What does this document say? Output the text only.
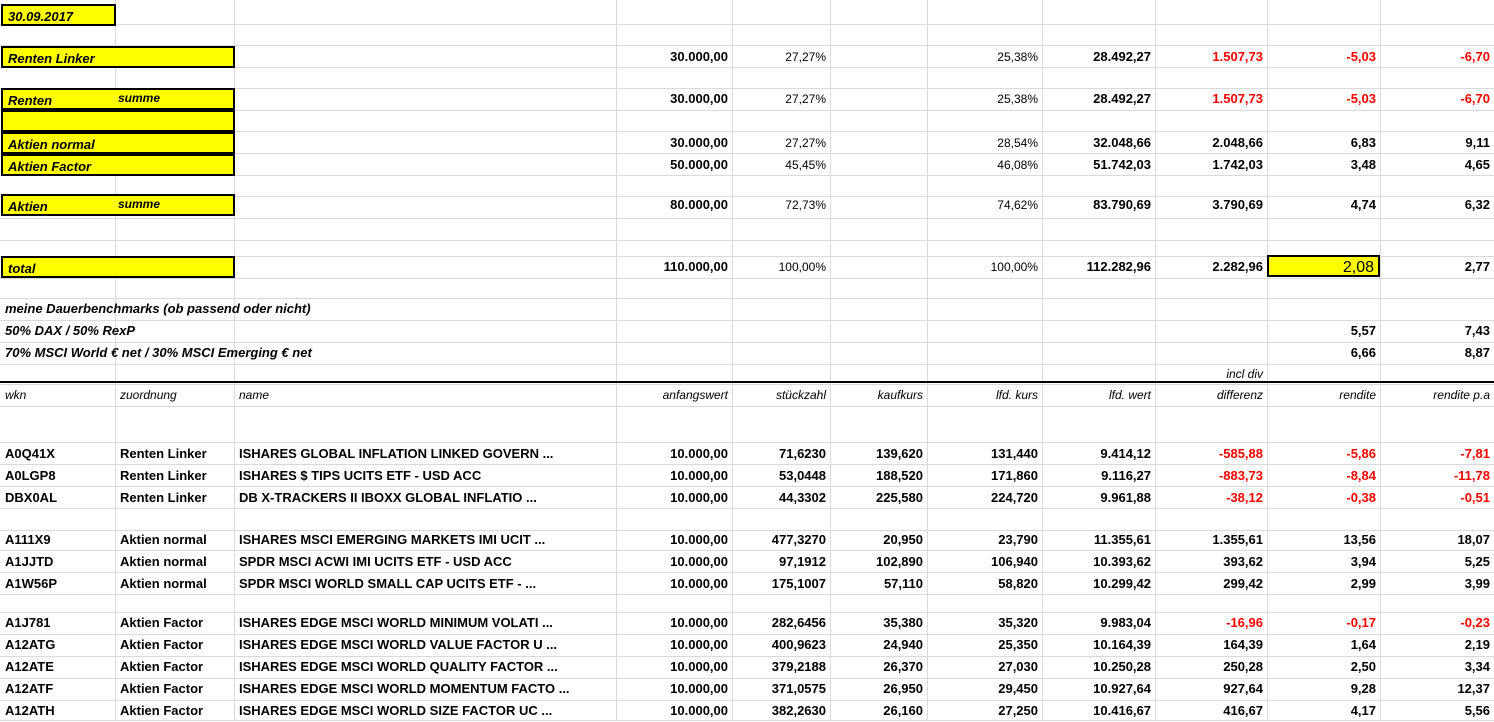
30.09.2017
Renten Linker	30.000,00	27,27%	25,38%	28.492,27	1.507,73	-5,03	-6,70
Renten	summe	30.000,00	27,27%	25,38%	28.492,27	1.507,73	-5,03	-6,70
Aktien normal	30.000,00	27,27%	28,54%	32.048,66	2.048,66	6,83	9,11
Aktien Factor	50.000,00	45,45%	46,08%	51.742,03	1.742,03	3,48	4,65
Aktien	summe	80.000,00	72,73%	74,62%	83.790,69	3.790,69	4,74	6,32
total	110.000,00	100,00%	100,00%	112.282,96	2.282,96	2,08	2,77
meine Dauerbenchmarks (ob passend oder nicht)
50% DAX / 50% RexP	5,57	7,43
70% MSCI World € net / 30% MSCI Emerging € net	6,66	8,87
incl div
wkn	zuordnung	name	anfangswert	stückzahl	kaufkurs	lfd. kurs	lfd. wert	differenz	rendite	rendite p.a
A0Q41X	Renten Linker	ISHARES GLOBAL INFLATION LINKED GOVERN ...	10.000,00	71,6230	139,620	131,440	9.414,12	-585,88	-5,86	-7,81
A0LGP8	Renten Linker	ISHARES $ TIPS UCITS ETF - USD ACC	10.000,00	53,0448	188,520	171,860	9.116,27	-883,73	-8,84	-11,78
DBX0AL	Renten Linker	DB X-TRACKERS II IBOXX GLOBAL INFLATIO ...	10.000,00	44,3302	225,580	224,720	9.961,88	-38,12	-0,38	-0,51
A111X9	Aktien normal	ISHARES MSCI EMERGING MARKETS IMI UCIT ...	10.000,00	477,3270	20,950	23,790	11.355,61	1.355,61	13,56	18,07
A1JJTD	Aktien normal	SPDR MSCI ACWI IMI UCITS ETF - USD ACC	10.000,00	97,1912	102,890	106,940	10.393,62	393,62	3,94	5,25
A1W56P	Aktien normal	SPDR MSCI WORLD SMALL CAP UCITS ETF - ...	10.000,00	175,1007	57,110	58,820	10.299,42	299,42	2,99	3,99
A1J781	Aktien Factor	ISHARES EDGE MSCI WORLD MINIMUM VOLATI ...	10.000,00	282,6456	35,380	35,320	9.983,04	-16,96	-0,17	-0,23
A12ATG	Aktien Factor	ISHARES EDGE MSCI WORLD VALUE FACTOR U ...	10.000,00	400,9623	24,940	25,350	10.164,39	164,39	1,64	2,19
A12ATE	Aktien Factor	ISHARES EDGE MSCI WORLD QUALITY FACTOR ...	10.000,00	379,2188	26,370	27,030	10.250,28	250,28	2,50	3,34
A12ATF	Aktien Factor	ISHARES EDGE MSCI WORLD MOMENTUM FACTO ...	10.000,00	371,0575	26,950	29,450	10.927,64	927,64	9,28	12,37
A12ATH	Aktien Factor	ISHARES EDGE MSCI WORLD SIZE FACTOR UC ...	10.000,00	382,2630	26,160	27,250	10.416,67	416,67	4,17	5,56
